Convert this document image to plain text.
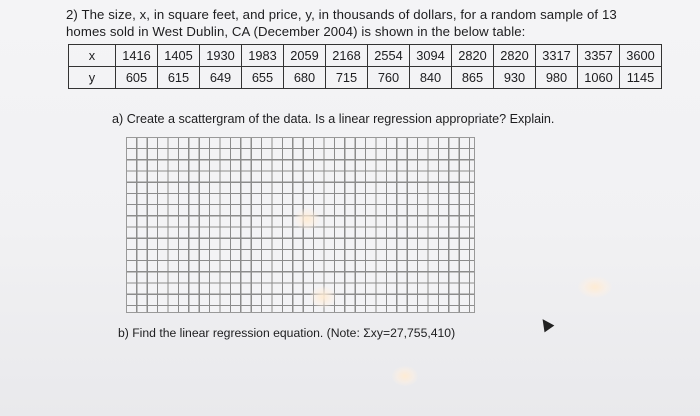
2) The size, x, in square feet, and price, y, in thousands of dollars, for a random sample of 13
homes sold in West Dublin, CA (December 2004) is shown in the below table:
x	1416	1405	1930	1983	2059	2168	2554	3094	2820	2820	3317	3357	3600
y	605	615	649	655	680	715	760	840	865	930	980	1060	1145
a) Create a scattergram of the data. Is a linear regression appropriate? Explain.
b) Find the linear regression equation. (Note: Σxy=27,755,410)
